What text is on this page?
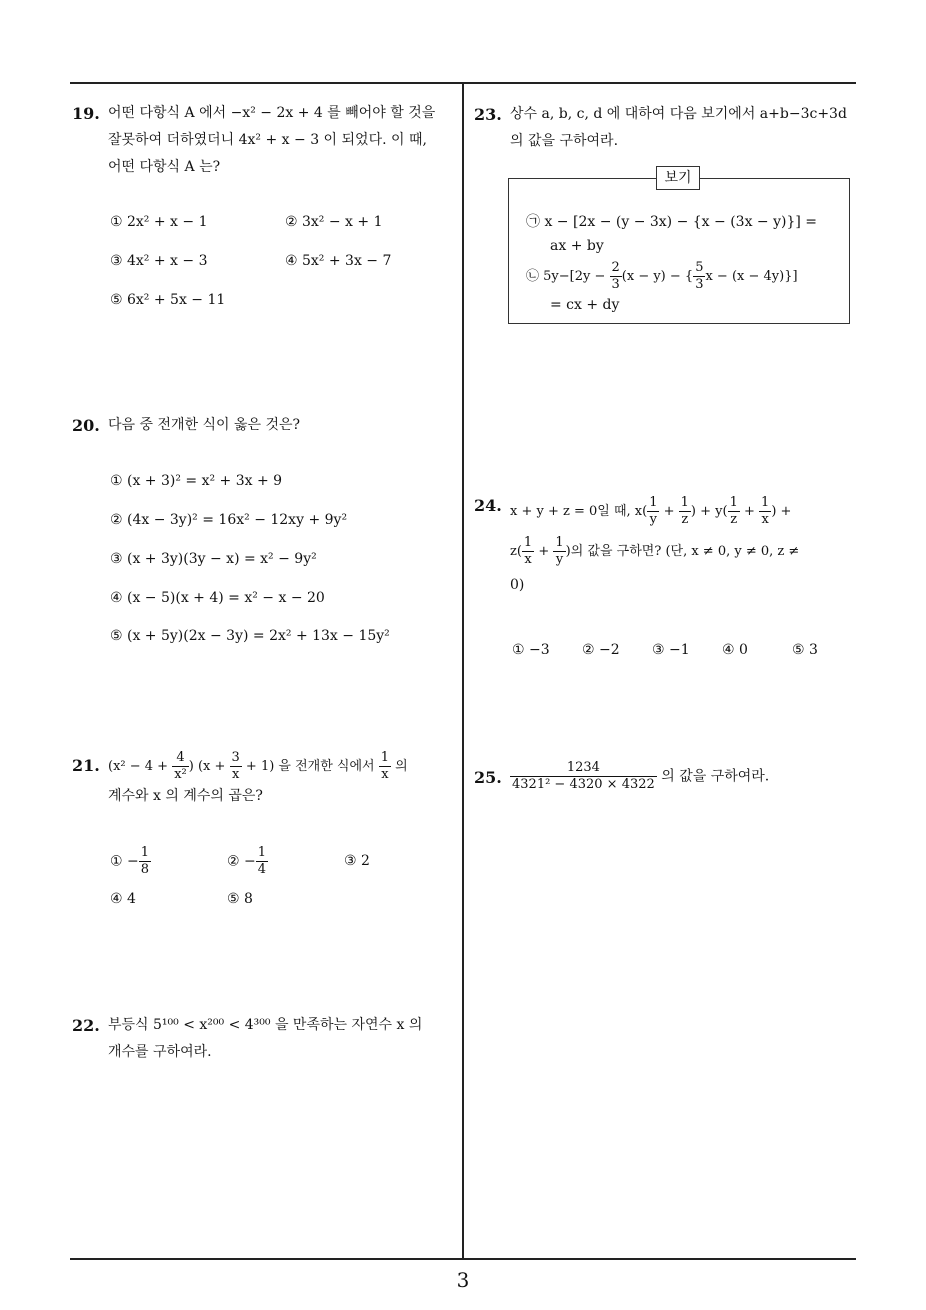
19. 어떤 다항식 A 에서 −x² − 2x + 4 를 빼어야 할 것을
잘못하여 더하였더니 4x² + x − 3 이 되었다. 이 때,
어떤 다항식 A 는?
① 2x² + x − 1	② 3x² − x + 1
③ 4x² + x − 3	④ 5x² + 3x − 7
⑤ 6x² + 5x − 11
20. 다음 중 전개한 식이 옳은 것은?
① (x + 3)² = x² + 3x + 9
② (4x − 3y)² = 16x² − 12xy + 9y²
③ (x + 3y)(3y − x) = x² − 9y²
④ (x − 5)(x + 4) = x² − x − 20
⑤ (x + 5y)(2x − 3y) = 2x² + 13x − 15y²
21. ($x^2 - 4 + \frac{4}{\text{x²}}$ ) $(x + \frac{3}{x} + 1)$ 을 전개한 식에서 $\frac{1}{x}$ 의
계수와 x 의 계수의 곱은?
① − $\frac{1}{8}$	② − $\frac{1}{4}$	③ 2
④ 4	⑤ 8
22. 부등식 5¹⁰⁰ < x²⁰⁰ < 4³⁰⁰ 을 만족하는 자연수 x 의
개수를 구하여라.
23. 상수 a, b, c, d 에 대하여 다음 보기에서 a+b−3c+3d
의 값을 구하여라.
보기
㉠ x − [2x − (y − 3x) − {x − (3x − y)}] =
ax + by
㉡ $5y-[2y - \frac{2}{3} (x - y)$ − { $\frac{5}{3}$ x − (x − 4y)}]
= cx + dy
24. x + y + z = 0일 때, $x( \frac{1}{y} + \frac{1}{z}$ ) + $y( \frac{1}{z} + \frac{1}{x}$ ) +
$z( \frac{1}{x} + \frac{1}{y}$ )의 값을 구하면? (단, x ≠ 0, y ≠ 0, z ≠
0)
① −3 ② −2 ③ −1 ④ 0	⑤ 3
25. $\frac{1234}{\text{4321² − 4320 × 4322}}$ 의 값을 구하여라.
3
